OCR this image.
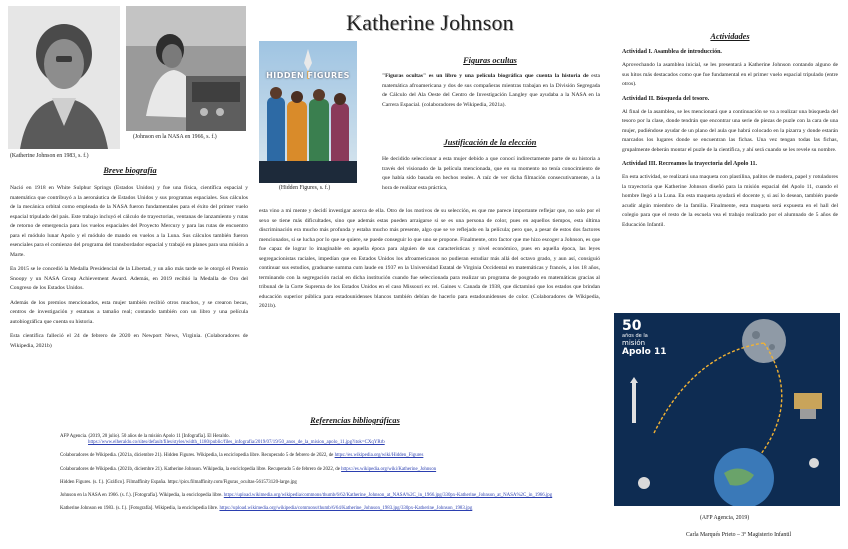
Katherine Johnson
(Katherine Johnson en 1983, s. f.)
(Johnson en la NASA en 1966, s. f.)
Breve biografía

Nació en 1918 en White Sulphur Springs (Estados Unidos) y fue una física, científica espacial y matemática que contribuyó a la aeronáutica de Estados Unidos y sus programas espaciales. Sus cálculos de la mecánica orbital como empleada de la NASA fueron fundamentales para el éxito del primer vuelo espacial tripulado del país. Este trabajo incluyó el cálculo de trayectorias, ventanas de lanzamiento y rutas de retorno de emergencia para los vuelos espaciales del Proyecto Mercury y para las rutas de encuentro para el módulo lunar Apolo y el módulo de mando en vuelos a la Luna. Sus cálculos también fueron esenciales para el comienzo del programa del transbordador espacial y trabajó en planes para una misión a Marte.

En 2015 se le concedió la Medalla Presidencial de la Libertad, y un año más tarde se le otorgó el Premio Snoopy y un NASA Group Achievement Award. Además, en 2019 recibió la Medalla de Oro del Congreso de los Estados Unidos.

Además de los premios mencionados, esta mujer también recibió otros muchos, y se crearon becas, centros de investigación y estatuas a tamaño real; contando también con un libro y una película autobiográfica que cuenta su historia.

Esta científica falleció el 24 de febrero de 2020 en Newport News, Virginia. (Colaboradores de Wikipedia, 2021b)

HIDDEN FIGURES
(Hidden Figures, s. f.)
Figuras ocultas

"Figuras ocultas" es un libro y una película biográfica que cuenta la historia de esta matemática afroamericana y dos de sus compañeras mientras trabajan en la División Segregada de Cálculo del Ala Oeste del Centro de Investigación Langley que ayudaba a la NASA en la Carrera Espacial. (colaboradores de Wikipedia, 2021a).

Justificación de la elección

He decidido seleccionar a esta mujer debido a que conocí indirectamente parte de su historia a través del visionado de la película mencionada, que en su momento no tenía conocimiento de que había sido basada en hechos reales. A raíz de ver dicha filmación consecutivamente, a la hora de realizar esta práctica,

esta vino a mi mente y decidí investigar acerca de ella. Otro de los motivos de su selección, es que me parece importante reflejar que, no solo por el sexo se tiene más dificultades, sino que además estas pueden arraigarse si se es una persona de color, pues en aquellos tiempos, esta última discriminación era mucho más profunda y estaba mucho más presente, algo que se ve reflejado en la película; pero que, a pesar de estos dos factores mencionados, si se lucha por lo que se quiere, se puede conseguir lo que uno se propone. Finalmente, otro factor que me hizo escoger a Johnson, es que fue capaz de lograr lo imaginable en aquella época para alguien de sus características y nivel económico, pues en aquella época, las leyes segregacionistas raciales, impedían que en Estados Unidos los afroamericanos no pudieran estudiar más allá del octavo grado, y aun así, consiguió continuar sus estudios, graduarse summa cum laude en 1937 en la Universidad Estatal de Virginia Occidental en matemáticas y francés, a los 18 años, terminando con la segregación racial en dicha institución cuando fue seleccionada para realizar un programa de posgrado en matemáticas gracias al tribunal de la Corte Suprema de los Estados Unidos en el caso Missouri ex rel. Gaines v. Canada de 1938, que dictaminó que los estados que brindan educación superior pública para estadounidenses blancos también debían de hacerlo para estadounidenses de color. (Colaboradores de Wikipedia, 2021b).

Actividades
Actividad I. Asamblea de introducción.

Aprovechando la asamblea inicial, se les presentará a Katherine Johnson contando alguno de sus hitos más destacados como que fue fundamental en el primer vuelo espacial tripulado (entre otros).

Actividad II. Búsqueda del tesoro.

Al final de la asamblea, se les mencionará que a continuación se va a realizar una búsqueda del tesoro por la clase, donde tendrán que encontrar una serie de piezas de puzle con la cara de una mujer, pudiéndose ayudar de un plano del aula que habrá colocado en la pizarra y donde estarán marcados los lugares donde se encuentran las fichas. Una vez tengan todas las fichas, grupalmente deberán montar el puzle de la científica, y ahí será cuando se les revele su nombre.

Actividad III. Recreamos la trayectoria del Apolo 11.

En esta actividad, se realizará una maqueta con plastilina, palitos de madera, papel y rotuladores la trayectoria que Katherine Johnson diseñó para la misión espacial del Apolo 11, cuando el hombre llegó a la Luna. En esta maqueta ayudará el docente y, si así lo desean, también puede acudir algún miembro de la familia. Finalmente, esta maqueta será expuesta en el hall del colegio para que el resto de la escuela vea el trabajo realizado por el alumnado de 5 años de Educación Infantil.

50
años de la
misión
Apolo 11
(AFP Agencia, 2019)
Referencias bibliográficas
AFP Agencia. (2019, 20 julio). 50 años de la misión Apolo 11 [Infografía]. El Heraldo.
https://www.elheraldo.co/sites/default/files/styles/width_1180/public/files_infografia/2019/07/19/50_anos_de_la_mision_apolo_11.jpg?itok=CXqYRrb
Colaboradores de Wikipedia. (2021a, diciembre 21). Hidden Figures. Wikipedia, la enciclopedia libre. Recuperado 5 de febrero de 2022, de https://es.wikipedia.org/wiki/Hidden_Figures
Colaboradores de Wikipedia. (2021b, diciembre 21). Katherine Johnson. Wikipedia, la enciclopedia libre. Recuperado 5 de febrero de 2022, de https://es.wikipedia.org/wiki/Katherine_Johnson
Hidden Figures. (s. f.). [Gráfico]. Filmaffinity España. https://pics.filmaffinity.com/Figuras_ocultas-561573120-large.jpg
Johnson en la NASA en 1966. (s. f.). [Fotografía]. Wikipedia, la enciclopedia libre. https://upload.wikimedia.org/wikipedia/commons/thumb/6/62/Katherine_Johnson_at_NASA%2C_in_1966.jpg/330px-Katherine_Johnson_at_NASA%2C_in_1966.jpg
Katherine Johnson en 1983. (s. f.). [Fotografía]. Wikipedia, la enciclopedia libre. https://upload.wikimedia.org/wikipedia/commons/thumb/6/64/Katherine_Johnson_1983.jpg/330px-Katherine_Johnson_1983.jpg
Carla Marqués Prieto – 3º Magisterio Infantil
